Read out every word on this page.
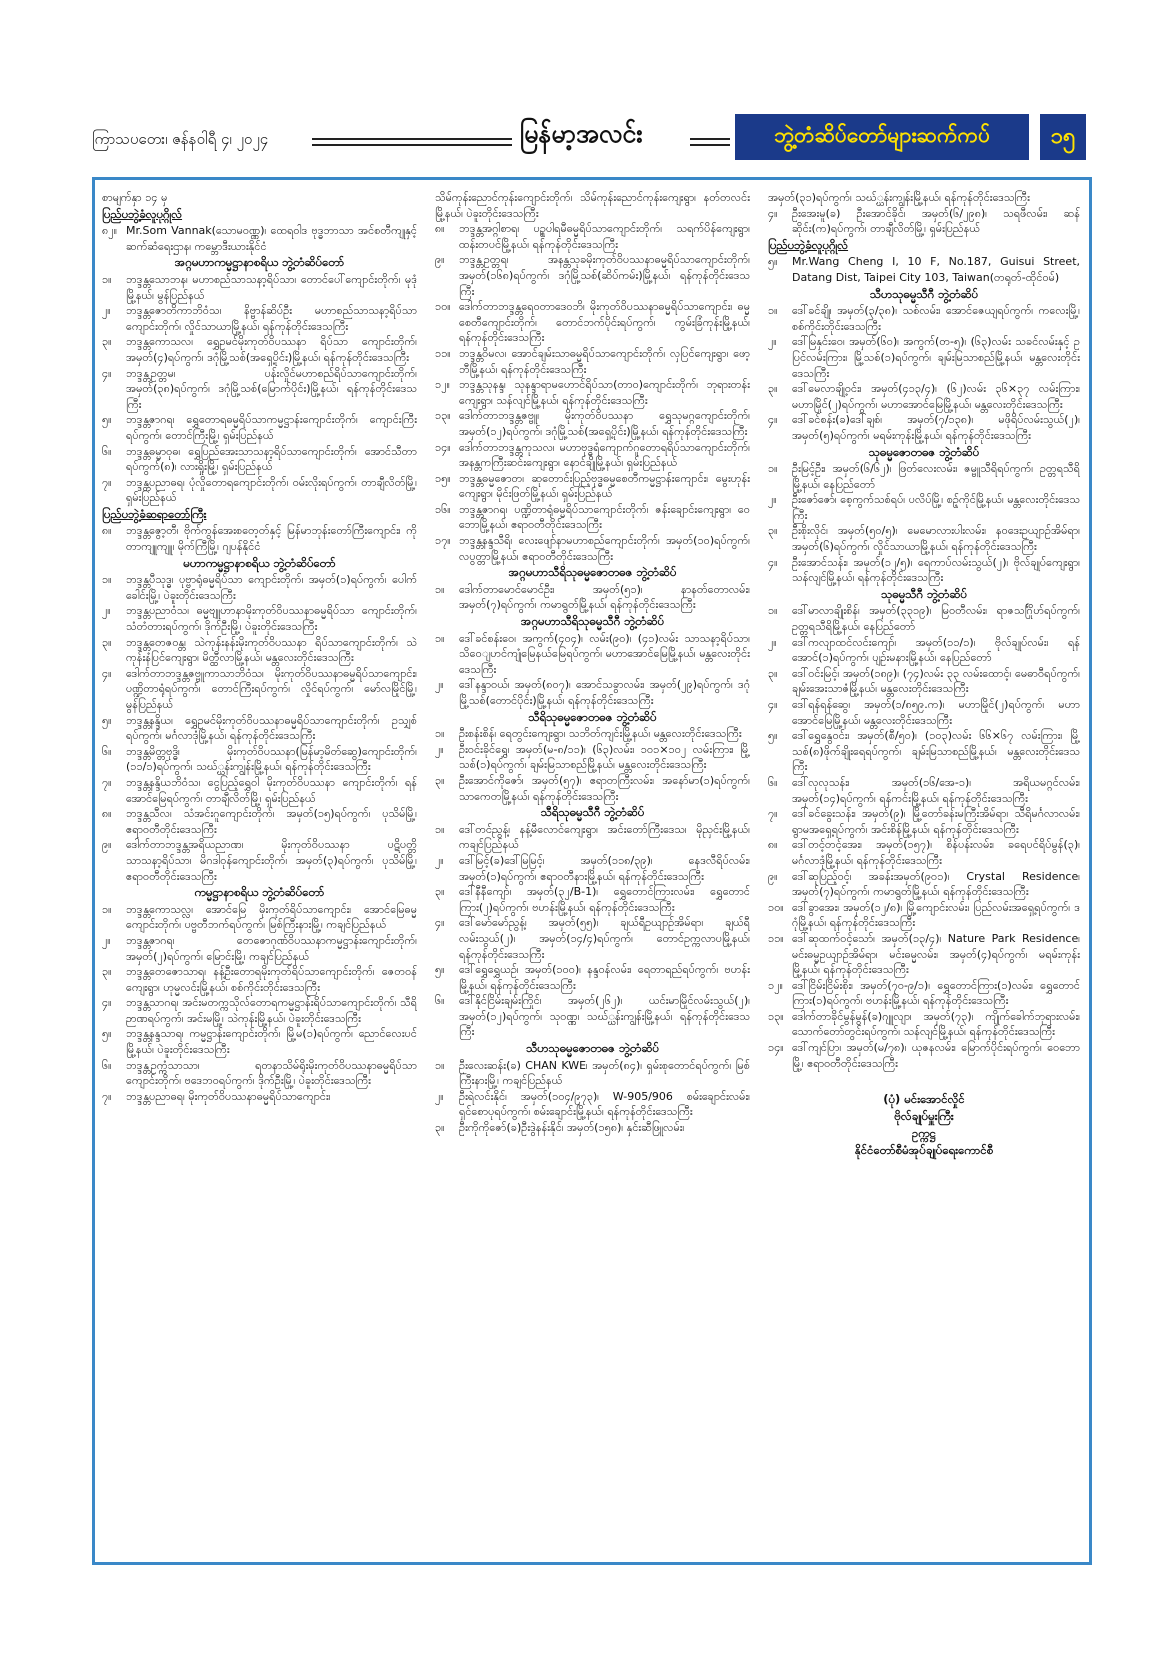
ကြာသပတေး၊ ဇန်နဝါရီ ၄၊ ၂၀၂၄	မြန်မာ့အလင်း	ဘွဲ့တံဆိပ်တော်များဆက်ကပ်	၁၅
စာမျက်နှာ ၁၄ မှ
ပြည်ပဘွဲ့ခံလူပုဂ္ဂိုလ်
၈၂။ Mr.Som Vannak(သောမဝဏ္ဏ)၊ ထေရဝါဒ ဗုဒ္ဓဘာသာ အင်စတီကျုနှင့် ဆက်ဆံရေးဌာန၊ ကမ္ဘောဒီးယားနိုင်ငံ
အဂ္ဂမဟာကမ္မဋ္ဌာနာစရိယ ဘွဲ့တံဆိပ်တော်
၁။	ဘဒ္ဒန္တသောဘန၊ မဟာစည်သာသနာ့ရိပ်သာ၊ တောင်ပေါ်ကျောင်းတိုက်၊ မုဒုံမြို့နယ်၊ မွန်ပြည်နယ်
၂။	ဘဒ္ဒန္တဇောတိကာဘိဝံသ၊ နိဗ္ဗာန်ဆိပ်ဦး မဟာစည်သာသနာ့ရိပ်သာ ကျောင်းတိုက်၊ လှိုင်သာယာမြို့နယ်၊ ရန်ကုန်တိုင်းဒေသကြီး
၃။	ဘဒ္ဒန္တကောသလ၊ ရွှေဥမင်မိုးကုတ်ဝိပဿနာ ရိပ်သာ ကျောင်းတိုက်၊ အမှတ်(၄)ရပ်ကွက်၊ ဒဂုံမြို့သစ်(အရှေ့ပိုင်း)မြို့နယ်၊ ရန်ကုန်တိုင်းဒေသကြီး
၄။	ဘဒ္ဒန္တဥတ္တမ၊ ပန်းလှိုင်မဟာစည်ရိပ်သာကျောင်းတိုက်၊ အမှတ်(၃၈)ရပ်ကွက်၊ ဒဂုံမြို့သစ်(မြောက်ပိုင်း)မြို့နယ်၊ ရန်ကုန်တိုင်းဒေသကြီး
၅။	ဘဒ္ဒန္တဇာဂရ၊ ရွှေတောရဓမ္မရိပ်သာကမ္မဋ္ဌာန်းကျောင်းတိုက်၊ ကျောင်းကြီးရပ်ကွက်၊ တောင်ကြီးမြို့၊ ရှမ်းပြည်နယ်
၆။	ဘဒ္ဒန္တဓမ္မာဝုဓ၊ ရွှေပြည်အေးသာသနာ့ရိပ်သာကျောင်းတိုက်၊ အောင်သီတာရပ်ကွက်(၈)၊ လားရှိုးမြို့၊ ရှမ်းပြည်နယ်
၇။	ဘဒ္ဒန္တပညာဓရ၊ ပုံလှိုတောရကျောင်းတိုက်၊ ဝမ်းလိုးရပ်ကွက်၊ တာချီလိတ်မြို့၊ ရှမ်းပြည်နယ်
ပြည်ပဘွဲ့ခံဆရာတော်ကြီး
၈။	ဘဒ္ဒန္တဇွော့တီ၊ ဗိုက်ကွန်အေးစတေ့တ်နှင့် မြန်မာဘုန်းတော်ကြီးကျောင်း၊ ကိုတာကျူကျူ၊ မိုက်ကြီမြို့၊ ဂျပန်နိုင်ငံ
မဟာကမ္မဋ္ဌာနာစရိယ ဘွဲ့တံဆိပ်တော်
၁။	ဘဒ္ဒန္တပီသုဒ္ဓ၊ ပုဗ္ဗာရုံဓမ္မရိပ်သာ ကျောင်းတိုက်၊ အမှတ်(၁)ရပ်ကွက်၊ ပေါက်ခေါင်းမြို့၊ ပဲခူးတိုင်းဒေသကြီး
၂။	ဘဒ္ဒန္တပညာဝံသ၊ ဓမ္မဗျူဟာနာမိုးကုတ်ဝိပဿနာဓမ္မရိပ်သာ ကျောင်းတိုက်၊ သံတံတားရပ်ကွက်၊ ဒိုက်ဦးမြို့၊ ပဲခူးတိုင်းဒေသကြီး
၃။	ဘဒ္ဒန္တတေဇဝန္တ၊ သဲကုန်းနန်းမိုးကုတ်ဝိပဿနာ ရိပ်သာကျောင်းတိုက်၊ သဲကုန်းနံပြင်ကျေးရွာ၊ မိတ္ထီလာမြို့နယ်၊ မန္တလေးတိုင်းဒေသကြီး
၄။	ဒေါက်တာဘဒ္ဒန္တဇဗ္ဗူကာသာဘိဝံသ၊ မိုးကုတ်ဝိပဿနာဓမ္မရိပ်သာကျောင်း၊ ပဏ္ဍိတာရုံရပ်ကွက်၊ တောင်ကြီးရပ်ကွက်၊ လှိုင်ရပ်ကွက်၊ မော်လမြိုင်မြို့၊ မွန်ပြည်နယ်
၅။	ဘဒ္ဒန္တနန္ဒိယ၊ ရွှေဥမင်မိုးကုတ်ဝိပဿနာဓမ္မရိပ်သာကျောင်းတိုက်၊ ဥသျှစ်ရပ်ကွက်၊ မင်္ဂလာဒုံမြို့နယ်၊ ရန်ကုန်တိုင်းဒေသကြီး
၆။	ဘဒ္ဒန္တမိတ္တဗုဒ္ဓိ၊ မိုးကုတ်ဝိပဿနာ(မြန်မာ့မိတ်ဆွေ)ကျောင်းတိုက်၊ (၁၁/၁)ရပ်ကွက်၊ သဃ်္ဃန်းကျွန်းမြို့နယ်၊ ရန်ကုန်တိုင်းဒေသကြီး
၇။	ဘဒ္ဒန္တနန္ဒိယဘိဝံသ၊ ငွေပြည့်ရွှေဝါ မိုးကုတ်ဝိပဿနာ ကျောင်းတိုက်၊ ရန်အောင်မြေရပ်ကွက်၊ တာချီလိတ်မြို့၊ ရှမ်းပြည်နယ်
၈။	ဘဒ္ဒန္တသီလ၊ သံအင်းဂူကျောင်းတိုက်၊ အမှတ်(၁၅)ရပ်ကွက်၊ ပုသိမ်မြို့၊ ဧရာဝတီတိုင်းဒေသကြီး
၉။	ဒေါက်တာဘဒ္ဒန္တအရိယညာဏ၊ မိုးကုတ်ဝိပဿနာ ပဋိပတ္တိ သာသနာ့ရိပ်သာ၊ မိဂဒါဝုန်ကျောင်းတိုက်၊ အမှတ်(၃)ရပ်ကွက်၊ ပုသိမ်မြို့၊ ဧရာဝတီတိုင်းဒေသကြီး
ကမ္မဋ္ဌာနာစရိယ ဘွဲ့တံဆိပ်တော်
၁။	ဘဒ္ဒန္တကောသလ္လ၊ အောင်မြေ မိုးကုတ်ရိပ်သာကျောင်း၊ အောင်မြေဓမ္မကျောင်းတိုက်၊ ပဗ္ဗတီဘက်ရပ်ကွက်၊ မြစ်ကြီးနားမြို့၊ ကချင်ပြည်နယ်
၂။	ဘဒ္ဒန္တဇာဂရ၊ တေဇောဂုဏ်ဝိပဿနာကမ္မဋ္ဌာန်းကျောင်းတိုက်၊ အမှတ်(၂)ရပ်ကွက်၊ မြောင်းမြို့၊ ကချင်ပြည်နယ်
၃။	ဘဒ္ဒန္တတေဇောသာရ၊ နန့်ဦးတောရမိုးကုတ်ရိပ်သာကျောင်းတိုက်၊ ဇေတဝန်ကျေးရွာ၊ ဟုမ္မလင်းမြို့နယ်၊ စစ်ကိုင်းတိုင်းဒေသကြီး
၄။	ဘဒ္ဒန္တသာဂရ၊ အင်းမတက္ကသိုလ်တောရကမ္မဋ္ဌာန်းရိပ်သာကျောင်းတိုက်၊ သီရိဉာဏရပ်ကွက်၊ အင်းမမြို့၊ သဲကုန်းမြို့နယ်၊ ပဲခူးတိုင်းဒေသကြီး
၅။	ဘဒ္ဒန္တနန္ဒသာရ၊ ကမ္မဋ္ဌာန်းကျောင်းတိုက်၊ မြို့မ(၁)ရပ်ကွက်၊ ညောင်လေးပင်မြို့နယ်၊ ပဲခူးတိုင်းဒေသကြီး
၆။	ဘဒ္ဒန္တဥက္ကံသာသာ၊ ရတနာသိမ်ရိုးမိုးကုတ်ဝိပဿနာဓမ္မရိပ်သာကျောင်းတိုက်၊ ဗဒေဘဝရပ်ကွက်၊ ဒိုက်ဦးမြို့၊ ပဲခူးတိုင်းဒေသကြီး
၇။	ဘဒ္ဒန္တပညာဓရ၊ မိုးကုတ်ဝိပဿနာဓမ္မရိပ်သာကျောင်း၊
သိမ်ကုန်းညောင်ကုန်းကျောင်းတိုက်၊ သိမ်ကုန်းညောင်ကုန်းကျေးရွာ၊ နတ်တလင်းမြို့နယ်၊ ပဲခူးတိုင်းဒေသကြီး
၈။	ဘဒ္ဒန္တအဂ္ဂါစာရ၊ ပဉ္စပါရမီဓမ္မရိပ်သာကျောင်းတိုက်၊ သရက်ပိန်ကျေးရွာ၊ ထန်းတပင်မြို့နယ်၊ ရန်ကုန်တိုင်းဒေသကြီး
၉။	ဘဒ္ဒန္တဥတ္တရ၊ အနန္တသုခမိုးကုတ်ဝိပဿနာဓမ္မရိပ်သာကျောင်းတိုက်၊ အမှတ်(၁၆၈)ရပ်ကွက်၊ ဒဂုံမြို့သစ်(ဆိပ်ကမ်း)မြို့နယ်၊ ရန်ကုန်တိုင်းဒေသကြီး
၁၀။ ဒေါက်တာဘဒ္ဒန္တရေဝတာဒေဝဘိ၊ မိုးကုတ်ဝိပဿနာဓမ္မရိပ်သာကျောင်း၊ ဓမ္မစေတီကျောင်းတိုက်၊ တောင်ဘက်ပိုင်းရပ်ကွက်၊ ကွမ်းခြံကုန်းမြို့နယ်၊ ရန်ကုန်တိုင်းဒေသကြီး
၁၁။ ဘဒ္ဒန္တဝိမလ၊ အောင်ချမ်းသာဓမ္မရိပ်သာကျောင်းတိုက်၊ လှပြင်ကျေးရွာ၊ ဖော့ဘီမြို့နယ်၊ ရန်ကုန်တိုင်းဒေသကြီး
၁၂။ ဘဒ္ဒန္တသုနန္ဒ၊ သုနန္ဒာရာမဟောင်ရိပ်သာ(တာဝ)ကျောင်းတိုက်၊ ဘုရားတန်းကျေးရွာ၊ သန်လျင်မြို့နယ်၊ ရန်ကုန်တိုင်းဒေသကြီး
၁၃။ ဒေါက်တာဘဒ္ဒန္တဇဗ္ဗူ၊ မိုးကုတ်ဝိပဿနာ ရွှေသုမဂ္ဂကျောင်းတိုက်၊ အမှတ်(၁၂)ရပ်ကွက်၊ ဒဂုံမြို့သစ်(အရှေ့ပိုင်း)မြို့နယ်၊ ရန်ကုန်တိုင်းဒေသကြီး
၁၄။ ဒေါက်တာဘဒ္ဒန္တကုသလ၊ မဟာဗုဒ္ဓရံကျောက်ဂူတောရရိပ်သာကျောင်းတိုက်၊ အနန္တကကြီးဆင်းကျေးရွာ၊ နောင်ချိုမြို့နယ်၊ ရှမ်းပြည်နယ်
၁၅။ ဘဒ္ဒန္တဓမ္မဇောတ၊ ဆုတောင်းပြည့်ဗုဒ္ဓဓမ္မစေတီကမ္မဋ္ဌာန်းကျောင်း၊ မွေးဟုန်းကျေးရွာ၊ မိုင်းဖြတ်မြို့နယ်၊ ရှမ်းပြည်နယ်
၁၆။ ဘဒ္ဒန္တဇာဂရ၊ ပဏ္ဍိတာရုံဓမ္မရိပ်သာကျောင်းတိုက်၊ ဇန်းချောင်းကျေးရွာ၊ ဝေဘောမြို့နယ်၊ ဧရာဝတီတိုင်းဒေသကြီး
၁၇။ ဘဒ္ဒန္တနန္ဒသီရိ၊ လေးဖျော်နာမဟာစည်ကျောင်းတိုက်၊ အမှတ်(၁၀)ရပ်ကွက်၊ လပွတ္တာမြို့နယ်၊ ဧရာဝတီတိုင်းဒေသကြီး
အဂ္ဂမဟာသီရိသုဓမ္မဇောတဓဇ ဘွဲ့တံဆိပ်
၁။	ဒေါက်တာမောင်မောင်ဦး၊ အမှတ်(၅၁)၊ နာနတ်တောလမ်း၊ အမှတ်(၇)ရပ်ကွက်၊ ကမာရွတ်မြို့နယ်၊ ရန်ကုန်တိုင်းဒေသကြီး
အဂ္ဂမဟာသီရိသုဓမ္မသီဂီ ဘွဲ့တံဆိပ်
၁။	ဒေါ်ခင်စန်းဝေ၊ အကွက်(၄၀၄)၊ လမ်း(၉၀)၊ (၄၁)လမ်း သာသနာ့ရိပ်သာ၊ သိဝေျဟင်ကျုံမြေနယ်မြေရပ်ကွက်၊ မဟာအောင်မြေမြို့နယ်၊ မန္တလေးတိုင်းဒေသကြီး
၂။	ဒေါ်နန္ဒာဝယ်၊ အမှတ်(၈၀၇)၊ အောင်သခွာလမ်း၊ အမှတ်(၂၉)ရပ်ကွက်၊ ဒဂုံမြို့သစ်(တောင်ပိုင်း)မြို့နယ်၊ ရန်ကုန်တိုင်းဒေသကြီး
သီရိသုဓမ္မဇောတဓဇ ဘွဲ့တံဆိပ်
၁။	ဦးစန်းစိန်၊ ရေတွင်းကျေးရွာ၊ သဘိတ်ကျင်းမြို့နယ်၊ မန္တလေးတိုင်းဒေသကြီး
၂။	ဦးဝင်းခိုင်ရွှေ၊ အမှတ်(မ-၈/၁၁)၊ (၆၃)လမ်း၊ ၁၀၁×၁၀၂ လမ်းကြား၊ မြို့သစ်(၁)ရပ်ကွက်၊ ချမ်းမြသာစည်မြို့နယ်၊ မန္တလေးတိုင်းဒေသကြီး
၃။	ဦးအောင်ကိုဇော်၊ အမှတ်(၅၇)၊ ဧရာတကြီးလမ်း၊ အနော်မာ(၁)ရပ်ကွက်၊ သာကေတမြို့နယ်၊ ရန်ကုန်တိုင်းဒေသကြီး
သီရိသုဓမ္မသီဂီ ဘွဲ့တံဆိပ်
၁။	ဒေါ်တင်ညွန့်၊ နန့်မီလောင်ကျေးရွာ၊ အင်းတော်ကြီးဒေသ၊ မိုညှင်းမြို့နယ်၊ ကချင်ပြည်နယ်
၂။	ဒေါ်မြင့်(ခ)ဒေါ်မြမြင့်၊ အမှတ်(၁၁၈/၃၉)၊ နေဒလီရိပ်လမ်း၊ အမှတ်(၁)ရပ်ကွက်၊ ဧရာဝတီနားမြို့နယ်၊ ရန်ကုန်တိုင်းဒေသကြီး
၃။	ဒေါ်နီနီကျော်၊ အမှတ်(၃၂/B-1)၊ ရွှေတောင်ကြားလမ်း၊ ရွှေတောင်ကြား(၂)ရပ်ကွက်၊ ဗဟန်းမြို့နယ်၊ ရန်ကုန်တိုင်းဒေသကြီး
၄။	ဒေါ်မော်မော်ညွန့်၊ အမှတ်(၅၅)၊ ချယ်ရီဥယျာဉ်အိမ်ရာ၊ ချယ်ရီလမ်းသွယ်(၂)၊ အမှတ်(၁၄/၄)ရပ်ကွက်၊ တောင်ဥက္ကလာပမြို့နယ်၊ ရန်ကုန်တိုင်းဒေသကြီး
၅။	ဒေါ်ရွှေရွှေယဉ်၊ အမှတ်(၁၀၀)၊ နန္ဒဝန်လမ်း၊ ရေတာရည်ရပ်ကွက်၊ ဗဟန်းမြို့နယ်၊ ရန်ကုန်တိုင်းဒေသကြီး
၆။	ဒေါ်နိုင်ငြိမ်းချမ်းကြိုင်၊ အမှတ်(၂၆၂)၊ ယင်းမာမြိုင်လမ်းသွယ်(၂)၊ အမှတ်(၁၂)ရပ်ကွက်၊ သုဝဏ္ဏ၊ သဃ်္ဃန်းကျွန်းမြို့နယ်၊ ရန်ကုန်တိုင်းဒေသကြီး
သီဟသုဓမ္မဇောတဓဇ ဘွဲ့တံဆိပ်
၁။	ဦးလေးဆန်း(ခ) CHAN KWE၊ အမှတ်(၈၄)၊ ရှမ်းစုတောင်ရပ်ကွက်၊ မြစ်ကြီးနားမြို့၊ ကချင်ပြည်နယ်
၂။	ဦးရဲလင်းနိုင်၊ အမှတ်(၁၀၄/၉၇၃)၊ W-905/906 စမ်းချောင်းလမ်း၊ ရှင်စောပုရပ်ကွက်၊ စမ်းချောင်းမြို့နယ်၊ ရန်ကုန်တိုင်းဒေသကြီး
၃။	ဦးကိုကိုဇော်(ခ)ဦးဒွဲနန်းနိုင်၊ အမှတ်(၁၅၈)၊ နှင်းဆီဖြူလမ်း၊
အမှတ်(၃၁)ရပ်ကွက်၊ သဃ်္ဃန်းကျွန်းမြို့နယ်၊ ရန်ကုန်တိုင်းဒေသကြီး
၄။	ဦးအေးမူ(ခ) ဦးအောင်ခိုင်၊ အမှတ်(၆/၂၉၈)၊ သရဖီလမ်း၊ ဆန်ဆိုင်း(က)ရပ်ကွက်၊ တာချီလိတ်မြို့၊ ရှမ်းပြည်နယ်
ပြည်ပဘွဲ့ခံလူပုဂ္ဂိုလ်
၅။	Mr.Wang Cheng I, 10 F, No.187, Guisui Street, Datang Dist, Taipei City 103, Taiwan(တရုတ်-ထိုင်ဝမ်)
သီဟသုဓမ္မသီဂီ ဘွဲ့တံဆိပ်
၁။	ဒေါ်ခင်ချို၊ အမှတ်(၃/၃၈)၊ သစ်လမ်း၊ အောင်ဇေယျရပ်ကွက်၊ ကလေးမြို့၊ စစ်ကိုင်းတိုင်းဒေသကြီး
၂။	ဒေါ်မြနှင်းဝေ၊ အမှတ်(၆၀)၊ အကွက်(တ-၅)၊ (၆၃)လမ်း သခင်လမ်းနှင့် ဥပြင်လမ်းကြား၊ မြို့သစ်(၁)ရပ်ကွက်၊ ချမ်းမြသာစည်မြို့နယ်၊ မန္တလေးတိုင်းဒေသကြီး
၃။	ဒေါ်မေလာချို့ဝင်း၊ အမှတ်(၄၁၃/၄)၊ (၆၂)လမ်း ၃၆×၃၇ လမ်းကြား၊ မဟာမြိုင်(၂)ရပ်ကွက်၊ မဟာအောင်မြေမြို့နယ်၊ မန္တလေးတိုင်းဒေသကြီး
၄။	ဒေါ်ခင်စန်း(ခ)ဒေါ်ချစ်၊ အမှတ်(၇/၁၃၈)၊ မဖိုရိပ်လမ်းသွယ်(၂)၊ အမှတ်(၅)ရပ်ကွက်၊ မရမ်းကုန်းမြို့နယ်၊ ရန်ကုန်တိုင်းဒေသကြီး
သုဓမ္မဇောတဓဇ ဘွဲ့တံဆိပ်
၁။	ဦးမြင့်ဦး၊ အမှတ်(၆/၆၂)၊ ဖြတ်လေးလမ်း၊ ဇမ္ဗူသီရိရပ်ကွက်၊ ဥတ္တရသီရိမြို့နယ်၊ နေပြည်တော်
၂။	ဦးဇော်ဇော်၊ စေ့ကွက်သစ်ရပ်၊ ပလိပ်မြို့၊ စဉ့်ကိုင်မြို့နယ်၊ မန္တလေးတိုင်းဒေသကြီး
၃။	ဦးစိုးလိုင်၊ အမှတ်(၅၀/၅)၊ မေမောလားပါးလမ်း၊ နဝဒေးဥယျာဉ်အိမ်ရာ၊ အမှတ်(၆)ရပ်ကွက်၊ လှိုင်သာယာမြို့နယ်၊ ရန်ကုန်တိုင်းဒေသကြီး
၄။	ဦးအောင်သန်း၊ အမှတ်(၁၂/၅)၊ ရေကာပ်လမ်းသွယ်(၂)၊ ဗိုလ်ချုပ်ကျေးရွာ၊ သန်လျင်မြို့နယ်၊ ရန်ကုန်တိုင်းဒေသကြီး
သုဓမ္မသီဂီ ဘွဲ့တံဆိပ်
၁။	ဒေါ်မာလာချိုးစိန်၊ အမှတ်(၃၃၁၉)၊ မြဝတီလမ်း၊ ရာဇသင်္ဂြိုဟ်ရပ်ကွက်၊ ဥတ္တရသီရိမြို့နယ်၊ နေပြည်တော်
၂။	ဒေါ်ကလျာထင်လင်းကျော်၊ အမှတ်(၁၁/၁)၊ ဗိုလ်ချုပ်လမ်း၊ ရန်အောင်(၁)ရပ်ကွက်၊ ပျဉ်းမနားမြို့နယ်၊ နေပြည်တော်
၃။	ဒေါ်ဝင်းမြင့်၊ အမှတ်(၁၈၉)၊ (၇၄)လမ်း ၃၃ လမ်းထောင့်၊ မေဓာဝီရပ်ကွက်၊ ချမ်းအေးသာဇံမြို့နယ်၊ မန္တလေးတိုင်းဒေသကြီး
၄။	ဒေါ်ရန်ရန်ဆွေ၊ အမှတ်(၁/၈၅၉.က)၊ မဟာမြိုင်(၂)ရပ်ကွက်၊ မဟာအောင်မြေမြို့နယ်၊ မန္တလေးတိုင်းဒေသကြီး
၅။	ဒေါ်ရွှေနွေဝင်း၊ အမှတ်(စီ/၅၀)၊ (၁၀၃)လမ်း ၆၆×၆၇ လမ်းကြား၊ မြို့သစ်(၈)ဖိုက်ချိုးရေရပ်ကွက်၊ ချမ်းမြသာစည်မြို့နယ်၊ မန္တလေးတိုင်းဒေသကြီး
၆။	ဒေါ်လုလုသန်း၊ အမှတ်(၁၆/အေ-၁)၊ အရိယမဂ္ဂင်လမ်း၊ အမှတ်(၁၄)ရပ်ကွက်၊ ရန်ကင်းမြို့နယ်၊ ရန်ကုန်တိုင်းဒေသကြီး
၇။	ဒေါ်ခင်ခွေးသန်း၊ အမှတ်(၉)၊ မြို့တော်ခန်းမကြီးအိမ်ရာ၊ သီရိမင်္ဂလာလမ်း၊ ရွာမအရှေ့ရပ်ကွက်၊ အင်းစိန်မြို့နယ်၊ ရန်ကုန်တိုင်းဒေသကြီး
၈။	ဒေါ်တင့်တင့်အေး၊ အမှတ်(၁၅၇)၊ စိန်ပန်းလမ်း၊ ခရေပင်ရိပ်မွန်(၃)၊ မင်္ဂလာဒုံမြို့နယ်၊ ရန်ကုန်တိုင်းဒေသကြီး
၉။	ဒေါ်ဆုပြည့်ဝင့်၊ အခန်းအမှတ်(၉၀၁)၊ Crystal Residence၊ အမှတ်(၇)ရပ်ကွက်၊ ကမာရွတ်မြို့နယ်၊ ရန်ကုန်တိုင်းဒေသကြီး
၁၀။ ဒေါ်ခွာအေး၊ အမှတ်(၁၂/၈)၊ မြို့ကျောင်းလမ်း၊ ပြည်လမ်းအရှေ့ရပ်ကွက်၊ ဒဂုံမြို့နယ်၊ ရန်ကုန်တိုင်းဒေသကြီး
၁၁။ ဒေါ်ဆုထက်ဝင့်သော်၊ အမှတ်(၁၃/၄)၊ Nature Park Residence၊ မင်းဓမ္မဥယျာဉ်အိမ်ရာ၊ မင်းဓမ္မလမ်း၊ အမှတ်(၄)ရပ်ကွက်၊ မရမ်းကုန်းမြို့နယ်၊ ရန်ကုန်တိုင်းဒေသကြီး
၁၂။ ဒေါ်ငြိမ်းငြိမ်းစိုး၊ အမှတ်(၇၀-၉/၁)၊ ရွှေတောင်ကြား(၁)လမ်း၊ ရွှေတောင်ကြား(၁)ရပ်ကွက်၊ ဗဟန်းမြို့နယ်၊ ရန်ကုန်တိုင်းဒေသကြီး
၁၃။ ဒေါက်တာခိုင်မွန်မွန်(ခ)ဂျူလျာ၊ အမှတ်(၇၃)၊ ကျိုက်ခေါက်ဘုရားလမ်း၊ သောက်တော်တွင်းရပ်ကွက်၊ သန်လျင်မြို့နယ်၊ ရန်ကုန်တိုင်းဒေသကြီး
၁၄။ ဒေါ်ကျင်ပြာ၊ အမှတ်(မ/၇၈)၊ ယုဇနလမ်း၊ မြောက်ပိုင်းရပ်ကွက်၊ ဝေဘောမြို့၊ ဧရာဝတီတိုင်းဒေသကြီး
(ပုံ) မင်းအောင်လှိုင်
ဗိုလ်ချုပ်မှူးကြီး
ဥက္ကဋ္ဌ
နိုင်ငံတော်စီမံအုပ်ချုပ်ရေးကောင်စီ
